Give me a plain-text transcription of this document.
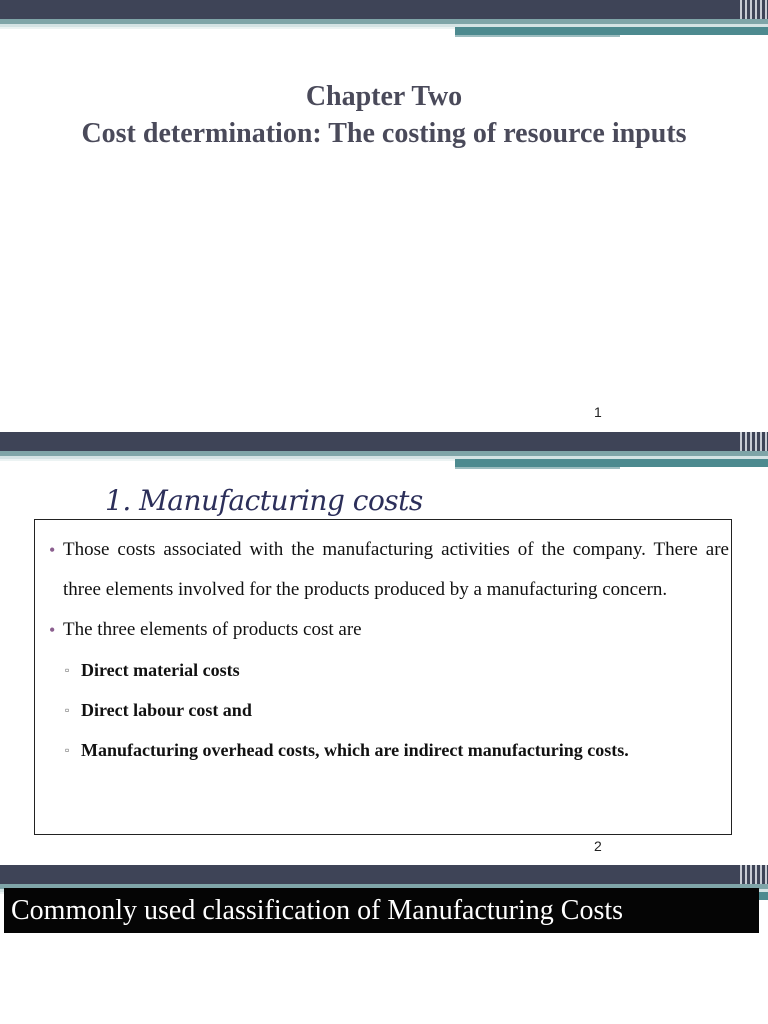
Chapter Two
Cost determination: The costing of resource inputs
1
1. Manufacturing costs
• Those costs associated with the manufacturing activities of the company. There are three elements involved for the products produced by a manufacturing concern.
• The three elements of products cost are
▫ Direct material costs
▫ Direct labour cost and
▫ Manufacturing overhead costs, which are indirect manufacturing costs.
2
Commonly used classification of Manufacturing Costs
